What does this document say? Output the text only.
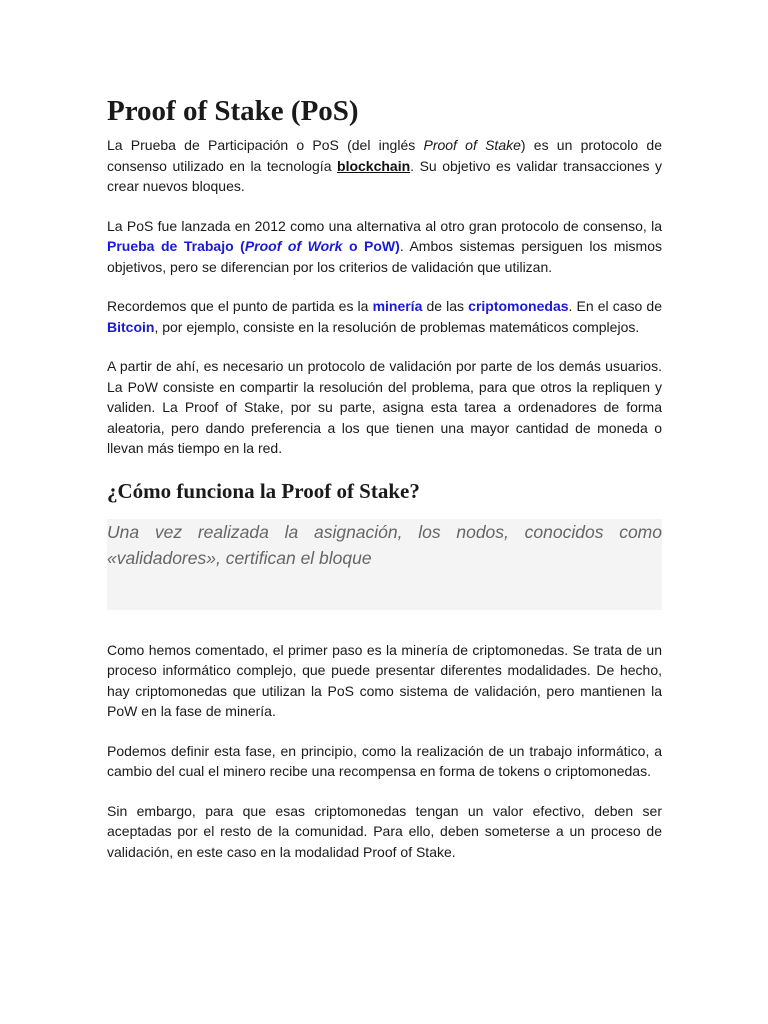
Proof of Stake (PoS)

La Prueba de Participación o PoS (del inglés Proof of Stake) es un protocolo de consenso utilizado en la tecnología blockchain. Su objetivo es validar transacciones y crear nuevos bloques.

La PoS fue lanzada en 2012 como una alternativa al otro gran protocolo de consenso, la Prueba de Trabajo (Proof of Work o PoW). Ambos sistemas persiguen los mismos objetivos, pero se diferencian por los criterios de validación que utilizan.

Recordemos que el punto de partida es la minería de las criptomonedas. En el caso de Bitcoin, por ejemplo, consiste en la resolución de problemas matemáticos complejos.

A partir de ahí, es necesario un protocolo de validación por parte de los demás usuarios. La PoW consiste en compartir la resolución del problema, para que otros la repliquen y validen. La Proof of Stake, por su parte, asigna esta tarea a ordenadores de forma aleatoria, pero dando preferencia a los que tienen una mayor cantidad de moneda o llevan más tiempo en la red.

¿Cómo funciona la Proof of Stake?
Una vez realizada la asignación, los nodos, conocidos como «validadores», certifican el bloque

Como hemos comentado, el primer paso es la minería de criptomonedas. Se trata de un proceso informático complejo, que puede presentar diferentes modalidades. De hecho, hay criptomonedas que utilizan la PoS como sistema de validación, pero mantienen la PoW en la fase de minería.

Podemos definir esta fase, en principio, como la realización de un trabajo informático, a cambio del cual el minero recibe una recompensa en forma de tokens o criptomonedas.

Sin embargo, para que esas criptomonedas tengan un valor efectivo, deben ser aceptadas por el resto de la comunidad. Para ello, deben someterse a un proceso de validación, en este caso en la modalidad Proof of Stake.
